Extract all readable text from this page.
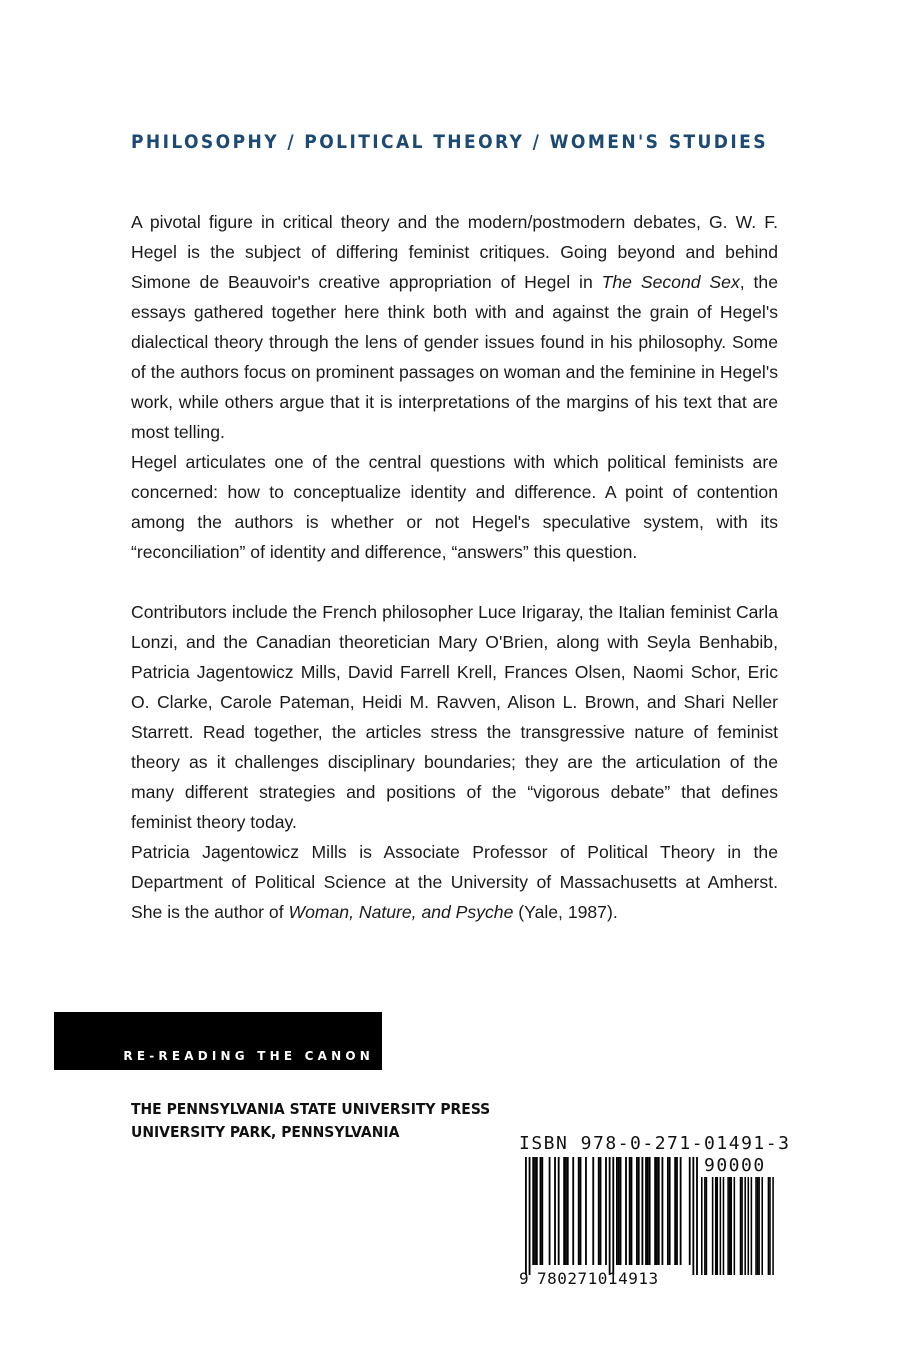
PHILOSOPHY / POLITICAL THEORY / WOMEN'S STUDIES

A pivotal figure in critical theory and the modern/postmodern debates, G. W. F. Hegel is the subject of differing feminist critiques. Going beyond and behind Simone de Beauvoir's creative appropriation of Hegel in The Second Sex, the essays gathered together here think both with and against the grain of Hegel's dialectical theory through the lens of gender issues found in his philosophy. Some of the authors focus on prominent passages on woman and the feminine in Hegel's work, while others argue that it is interpretations of the margins of his text that are most telling.

Hegel articulates one of the central questions with which political feminists are concerned: how to conceptualize identity and difference. A point of contention among the authors is whether or not Hegel's speculative system, with its “reconciliation” of identity and difference, “answers” this question.

Contributors include the French philosopher Luce Irigaray, the Italian feminist Carla Lonzi, and the Canadian theoretician Mary O'Brien, along with Seyla Benhabib, Patricia Jagentowicz Mills, David Farrell Krell, Frances Olsen, Naomi Schor, Eric O. Clarke, Carole Pateman, Heidi M. Ravven, Alison L. Brown, and Shari Neller Starrett. Read together, the articles stress the transgressive nature of feminist theory as it challenges disciplinary boundaries; they are the articulation of the many different strategies and positions of the “vigorous debate” that defines feminist theory today.

Patricia Jagentowicz Mills is Associate Professor of Political Theory in the Department of Political Science at the University of Massachusetts at Amherst. She is the author of Woman, Nature, and Psyche (Yale, 1987).

RE-READING THE CANON
THE PENNSYLVANIA STATE UNIVERSITY PRESS
UNIVERSITY PARK, PENNSYLVANIA
ISBN 978-0-271-01491-3
90000
9 780271014913
